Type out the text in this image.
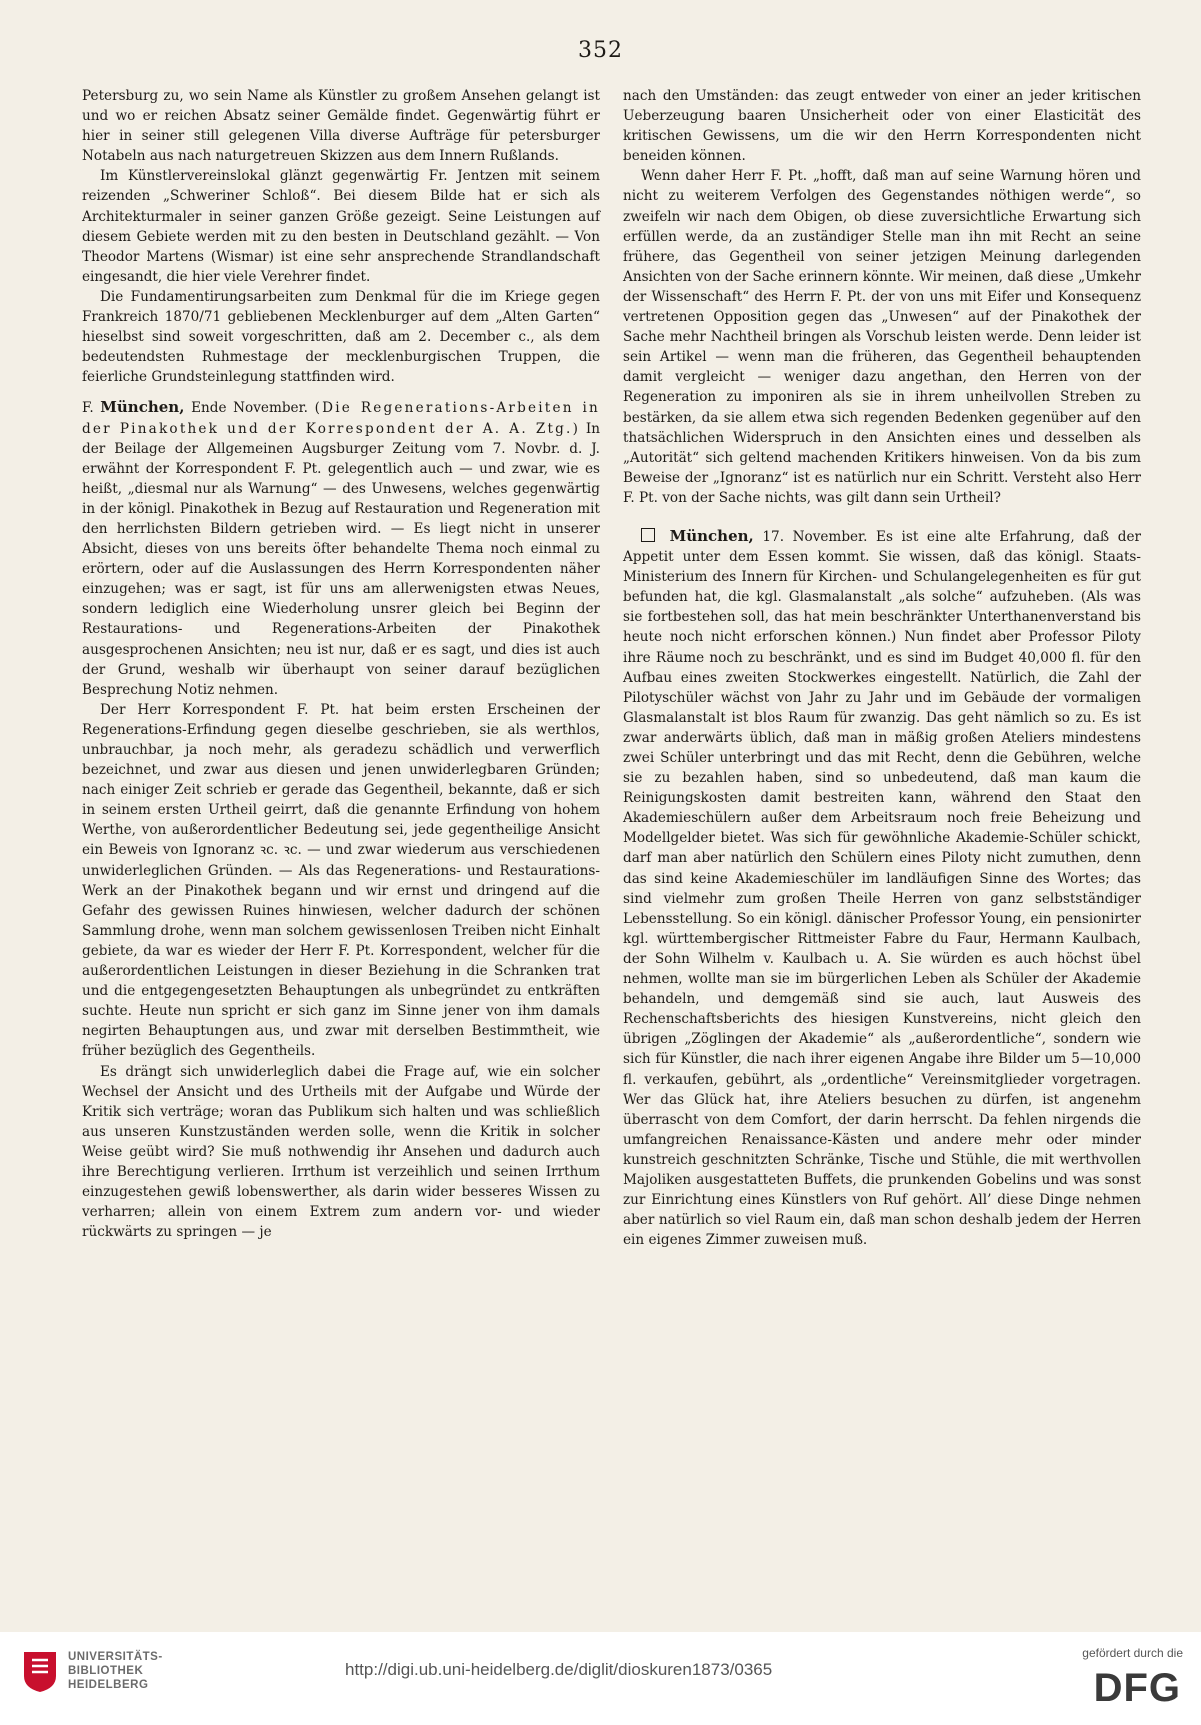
352

Petersburg zu, wo sein Name als Künstler zu großem Ansehen gelangt ist und wo er reichen Absatz seiner Gemälde findet. Gegenwärtig führt er hier in seiner still gelegenen Villa diverse Aufträge für petersburger Notabeln aus nach naturgetreuen Skizzen aus dem Innern Rußlands.

Im Künstlervereinslokal glänzt gegenwärtig Fr. Jentzen mit seinem reizenden „Schweriner Schloß“. Bei diesem Bilde hat er sich als Architekturmaler in seiner ganzen Größe gezeigt. Seine Leistungen auf diesem Gebiete werden mit zu den besten in Deutschland gezählt. — Von Theodor Martens (Wismar) ist eine sehr ansprechende Strandlandschaft eingesandt, die hier viele Verehrer findet.

Die Fundamentirungsarbeiten zum Denkmal für die im Kriege gegen Frankreich 1870/71 gebliebenen Mecklenburger auf dem „Alten Garten“ hieselbst sind soweit vorgeschritten, daß am 2. December c., als dem bedeutendsten Ruhmestage der mecklenburgischen Truppen, die feierliche Grundsteinlegung stattfinden wird.

F. München, Ende November. (Die Regenerations-Arbeiten in der Pinakothek und der Korrespondent der A. A. Ztg.) In der Beilage der Allgemeinen Augsburger Zeitung vom 7. Novbr. d. J. erwähnt der Korrespondent F. Pt. gelegentlich auch — und zwar, wie es heißt, „diesmal nur als Warnung“ — des Unwesens, welches gegenwärtig in der königl. Pinakothek in Bezug auf Restauration und Regeneration mit den herrlichsten Bildern getrieben wird. — Es liegt nicht in unserer Absicht, dieses von uns bereits öfter behandelte Thema noch einmal zu erörtern, oder auf die Auslassungen des Herrn Korrespondenten näher einzugehen; was er sagt, ist für uns am allerwenigsten etwas Neues, sondern lediglich eine Wiederholung unsrer gleich bei Beginn der Restaurations- und Regenerations-Arbeiten der Pinakothek ausgesprochenen Ansichten; neu ist nur, daß er es sagt, und dies ist auch der Grund, weshalb wir überhaupt von seiner darauf bezüglichen Besprechung Notiz nehmen.

Der Herr Korrespondent F. Pt. hat beim ersten Erscheinen der Regenerations-Erfindung gegen dieselbe geschrieben, sie als werthlos, unbrauchbar, ja noch mehr, als geradezu schädlich und verwerflich bezeichnet, und zwar aus diesen und jenen unwiderlegbaren Gründen; nach einiger Zeit schrieb er gerade das Gegentheil, bekannte, daß er sich in seinem ersten Urtheil geirrt, daß die genannte Erfindung von hohem Werthe, von außerordentlicher Bedeutung sei, jede gegentheilige Ansicht ein Beweis von Ignoranz ꝛc. ꝛc. — und zwar wiederum aus verschiedenen unwiderleglichen Gründen. — Als das Regenerations- und Restaurations-Werk an der Pinakothek begann und wir ernst und dringend auf die Gefahr des gewissen Ruines hinwiesen, welcher dadurch der schönen Sammlung drohe, wenn man solchem gewissenlosen Treiben nicht Einhalt gebiete, da war es wieder der Herr F. Pt. Korrespondent, welcher für die außerordentlichen Leistungen in dieser Beziehung in die Schranken trat und die entgegengesetzten Behauptungen als unbegründet zu entkräften suchte. Heute nun spricht er sich ganz im Sinne jener von ihm damals negirten Behauptungen aus, und zwar mit derselben Bestimmtheit, wie früher bezüglich des Gegentheils.

Es drängt sich unwiderleglich dabei die Frage auf, wie ein solcher Wechsel der Ansicht und des Urtheils mit der Aufgabe und Würde der Kritik sich verträge; woran das Publikum sich halten und was schließlich aus unseren Kunstzuständen werden solle, wenn die Kritik in solcher Weise geübt wird? Sie muß nothwendig ihr Ansehen und dadurch auch ihre Berechtigung verlieren. Irrthum ist verzeihlich und seinen Irrthum einzugestehen gewiß lobenswerther, als darin wider besseres Wissen zu verharren; allein von einem Extrem zum andern vor- und wieder rückwärts zu springen — je

nach den Umständen: das zeugt entweder von einer an jeder kritischen Ueberzeugung baaren Unsicherheit oder von einer Elasticität des kritischen Gewissens, um die wir den Herrn Korrespondenten nicht beneiden können.

Wenn daher Herr F. Pt. „hofft, daß man auf seine Warnung hören und nicht zu weiterem Verfolgen des Gegenstandes nöthigen werde“, so zweifeln wir nach dem Obigen, ob diese zuversichtliche Erwartung sich erfüllen werde, da an zuständiger Stelle man ihn mit Recht an seine frühere, das Gegentheil von seiner jetzigen Meinung darlegenden Ansichten von der Sache erinnern könnte. Wir meinen, daß diese „Umkehr der Wissenschaft“ des Herrn F. Pt. der von uns mit Eifer und Konsequenz vertretenen Opposition gegen das „Unwesen“ auf der Pinakothek der Sache mehr Nachtheil bringen als Vorschub leisten werde. Denn leider ist sein Artikel — wenn man die früheren, das Gegentheil behauptenden damit vergleicht — weniger dazu angethan, den Herren von der Regeneration zu imponiren als sie in ihrem unheilvollen Streben zu bestärken, da sie allem etwa sich regenden Bedenken gegenüber auf den thatsächlichen Widerspruch in den Ansichten eines und desselben als „Autorität“ sich geltend machenden Kritikers hinweisen. Von da bis zum Beweise der „Ignoranz“ ist es natürlich nur ein Schritt. Versteht also Herr F. Pt. von der Sache nichts, was gilt dann sein Urtheil?

München, 17. November. Es ist eine alte Erfahrung, daß der Appetit unter dem Essen kommt. Sie wissen, daß das königl. Staats-Ministerium des Innern für Kirchen- und Schulangelegenheiten es für gut befunden hat, die kgl. Glasmalanstalt „als solche“ aufzuheben. (Als was sie fortbestehen soll, das hat mein beschränkter Unterthanenverstand bis heute noch nicht erforschen können.) Nun findet aber Professor Piloty ihre Räume noch zu beschränkt, und es sind im Budget 40,000 fl. für den Aufbau eines zweiten Stockwerkes eingestellt. Natürlich, die Zahl der Pilotyschüler wächst von Jahr zu Jahr und im Gebäude der vormaligen Glasmalanstalt ist blos Raum für zwanzig. Das geht nämlich so zu. Es ist zwar anderwärts üblich, daß man in mäßig großen Ateliers mindestens zwei Schüler unterbringt und das mit Recht, denn die Gebühren, welche sie zu bezahlen haben, sind so unbedeutend, daß man kaum die Reinigungskosten damit bestreiten kann, während den Staat den Akademieschülern außer dem Arbeitsraum noch freie Beheizung und Modellgelder bietet. Was sich für gewöhnliche Akademie-Schüler schickt, darf man aber natürlich den Schülern eines Piloty nicht zumuthen, denn das sind keine Akademieschüler im landläufigen Sinne des Wortes; das sind vielmehr zum großen Theile Herren von ganz selbstständiger Lebensstellung. So ein königl. dänischer Professor Young, ein pensionirter kgl. württembergischer Rittmeister Fabre du Faur, Hermann Kaulbach, der Sohn Wilhelm v. Kaulbach u. A. Sie würden es auch höchst übel nehmen, wollte man sie im bürgerlichen Leben als Schüler der Akademie behandeln, und demgemäß sind sie auch, laut Ausweis des Rechenschaftsberichts des hiesigen Kunstvereins, nicht gleich den übrigen „Zöglingen der Akademie“ als „außerordentliche“, sondern wie sich für Künstler, die nach ihrer eigenen Angabe ihre Bilder um 5—10,000 fl. verkaufen, gebührt, als „ordentliche“ Vereinsmitglieder vorgetragen. Wer das Glück hat, ihre Ateliers besuchen zu dürfen, ist angenehm überrascht von dem Comfort, der darin herrscht. Da fehlen nirgends die umfangreichen Renaissance-Kästen und andere mehr oder minder kunstreich geschnitzten Schränke, Tische und Stühle, die mit werthvollen Majoliken ausgestatteten Buffets, die prunkenden Gobelins und was sonst zur Einrichtung eines Künstlers von Ruf gehört. All’ diese Dinge nehmen aber natürlich so viel Raum ein, daß man schon deshalb jedem der Herren ein eigenes Zimmer zuweisen muß.

UNIVERSITÄTS-
BIBLIOTHEK
HEIDELBERG
http://digi.ub.uni-heidelberg.de/diglit/dioskuren1873/0365
gefördert durch die
DFG
